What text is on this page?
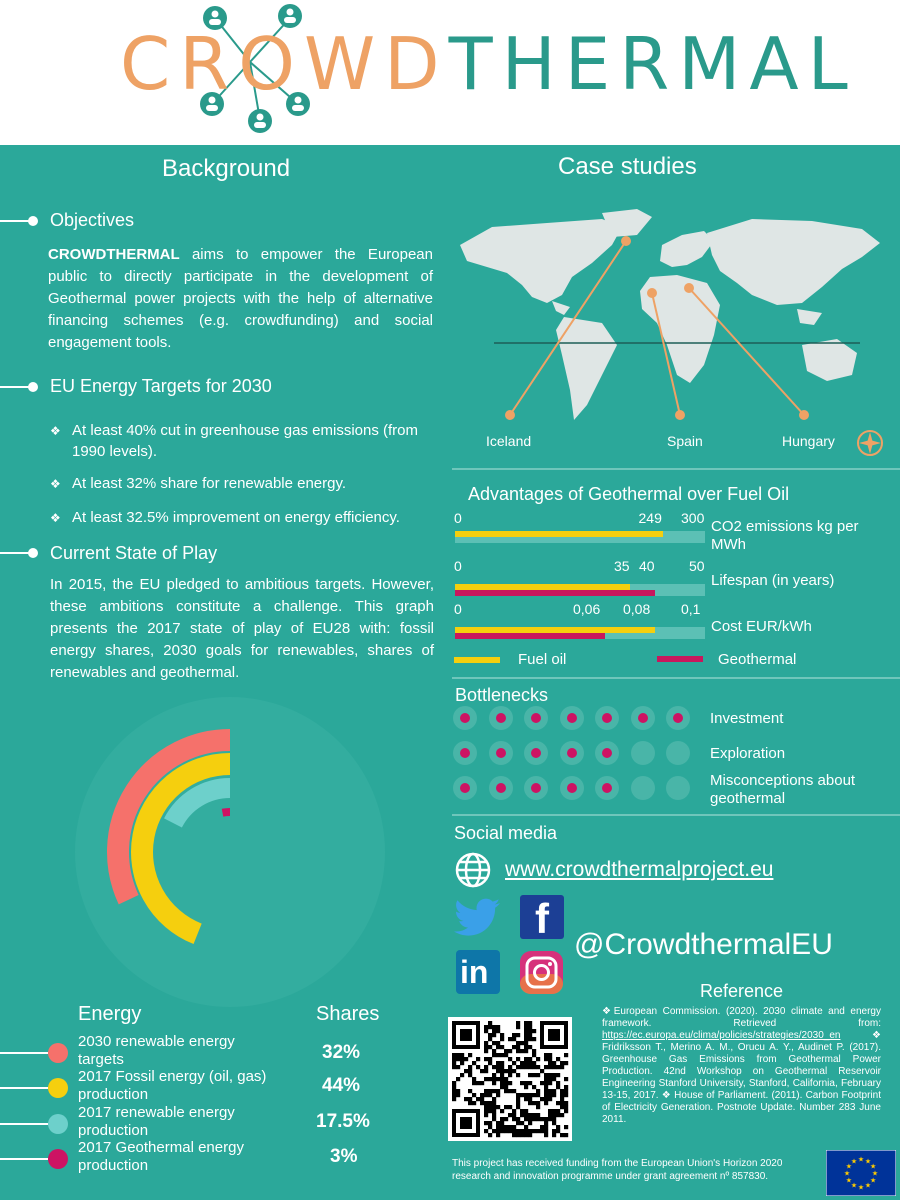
CROWDTHERMAL
Background
Objectives
CROWDTHERMAL aims to empower the European public to directly participate in the development of Geothermal power projects with the help of alternative financing schemes (e.g. crowdfunding) and social engagement tools.
EU Energy Targets for 2030
❖ At least 40% cut in greenhouse gas emissions (from 1990 levels).
❖ At least 32% share for renewable energy.
❖ At least 32.5% improvement on energy efficiency.
Current State of Play
In 2015, the EU pledged to ambitious targets. However, these ambitions constitute a challenge. This graph presents the 2017 state of play of EU28 with: fossil energy shares, 2030 goals for renewables, shares of renewables and geothermal.
Energy	Shares
2030 renewable energy targets	32%
2017 Fossil energy (oil, gas) production	44%
2017 renewable energy production	17.5%
2017 Geothermal energy production	3%
Case studies
Iceland	Spain	Hungary
Advantages of Geothermal over Fuel Oil
0	249 300
0	35 40 50
0	0,06 0,08 0,1
CO2 emissions kg per MWh
Lifespan (in years)
Cost EUR/kWh
Fuel oil	Geothermal
Bottlenecks
Investment
Exploration
Misconceptions about geothermal
Social media
www.crowdthermalproject.eu
f
in
@CrowdthermalEU
Reference
❖European Commission. (2020). 2030 climate and energy framework. Retrieved from: https://ec.europa.eu/clima/policies/strategies/2030_en	❖ Fridriksson T., Merino A. M., Orucu A. Y., Audinet P. (2017). Greenhouse Gas Emissions from Geothermal Power Production. 42nd Workshop on Geothermal Reservoir Engineering Stanford University, Stanford, California, February 13-15, 2017. ❖ House of Parliament. (2011). Carbon Footprint of Electricity Generation. Postnote Update. Number 283 June 2011.
This project has received funding from the European Union's Horizon 2020 research and innovation programme under grant agreement nº 857830.	★
★
★
★
★
★
★
★
★ ★ ★
★
